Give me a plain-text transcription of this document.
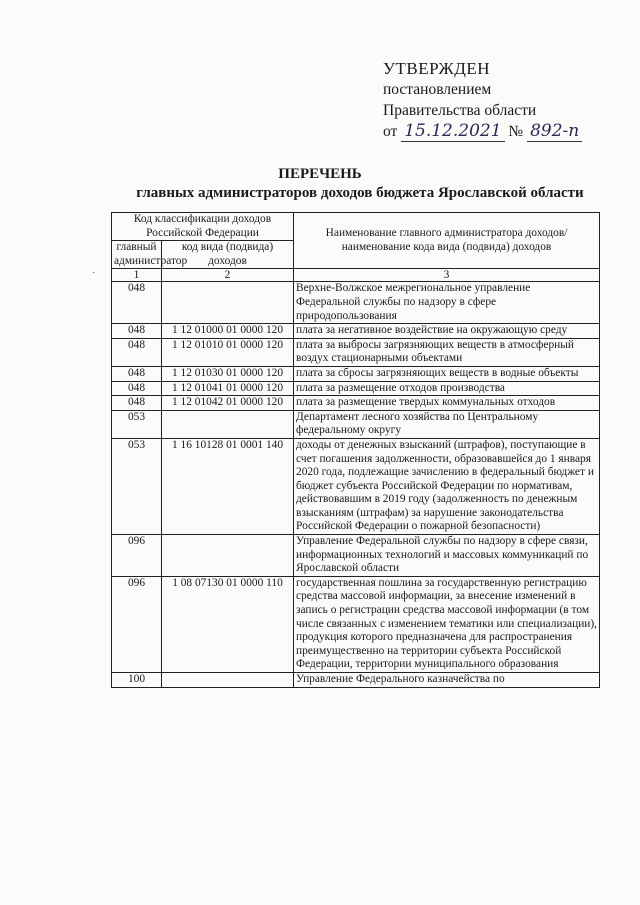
УТВЕРЖДЕН
постановлением
Правительства области
от 15.12.2021 № 892-п
ПЕРЕЧЕНЬ
главных администраторов доходов бюджета Ярославской области
·
Код классификации доходов Российской Федерации		Наименование главного администратора доходов/наименование кода вида (подвида) доходов
главный администратор	код вида (подвида) доходов	
1	2	3
048		Верхне-Волжское межрегиональное управление Федеральной службы по надзору в сфере природопользования
048	1 12 01000 01 0000 120	плата за негативное воздействие на окружающую среду
048	1 12 01010 01 0000 120	плата за выбросы загрязняющих веществ в атмосферный воздух стационарными объектами
048	1 12 01030 01 0000 120	плата за сбросы загрязняющих веществ в водные объекты
048	1 12 01041 01 0000 120	плата за размещение отходов производства
048	1 12 01042 01 0000 120	плата за размещение твердых коммунальных отходов
053		Департамент лесного хозяйства по Центральному федеральному округу
053	1 16 10128 01 0001 140	доходы от денежных взысканий (штрафов), поступающие в счет погашения задолженности, образовавшейся до 1 января 2020 года, подлежащие зачислению в федеральный бюджет и бюджет субъекта Российской Федерации по нормативам, действовавшим в 2019 году (задолженность по денежным взысканиям (штрафам) за нарушение законодательства Российской Федерации о пожарной безопасности)
096		Управление Федеральной службы по надзору в сфере связи, информационных технологий и массовых коммуникаций по Ярославской области
096	1 08 07130 01 0000 110	государственная пошлина за государственную регистрацию средства массовой информации, за внесение изменений в запись о регистрации средства массовой информации (в том числе связанных с изменением тематики или специализации), продукция которого предназначена для распространения преимущественно на территории субъекта Российской Федерации, территории муниципального образования
100		Управление Федерального казначейства по
